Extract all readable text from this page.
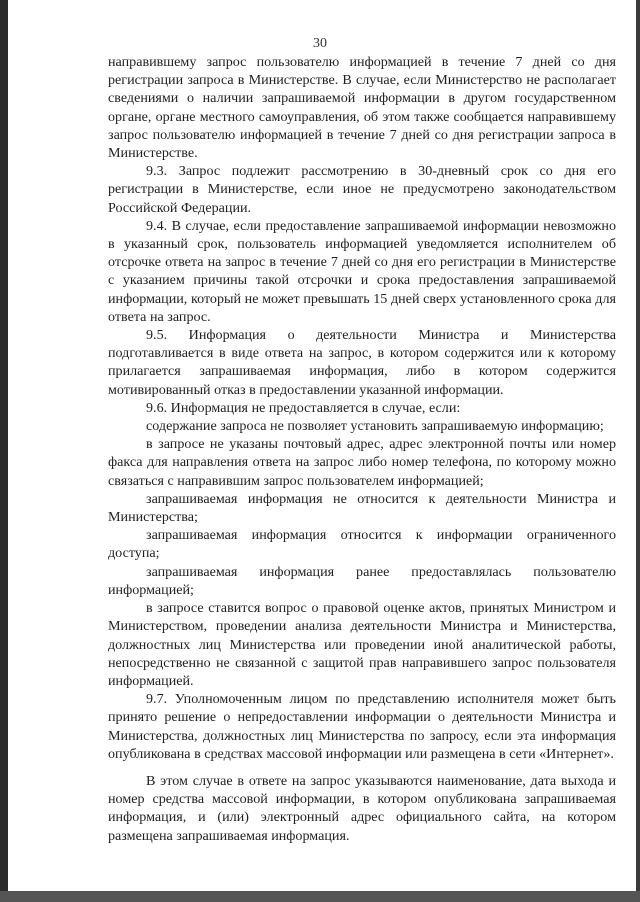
30

направившему запрос пользователю информацией в течение 7 дней со дня регистрации запроса в Министерстве. В случае, если Министерство не располагает сведениями о наличии запрашиваемой информации в другом государственном органе, органе местного самоуправления, об этом также сообщается направившему запрос пользователю информацией в течение 7 дней со дня регистрации запроса в Министерстве.

9.3. Запрос подлежит рассмотрению в 30-дневный срок со дня его регистрации в Министерстве, если иное не предусмотрено законодательством Российской Федерации.

9.4. В случае, если предоставление запрашиваемой информации невозможно в указанный срок, пользователь информацией уведомляется исполнителем об отсрочке ответа на запрос в течение 7 дней со дня его регистрации в Министерстве с указанием причины такой отсрочки и срока предоставления запрашиваемой информации, который не может превышать 15 дней сверх установленного срока для ответа на запрос.

9.5. Информация о деятельности Министра и Министерства подготавливается в виде ответа на запрос, в котором содержится или к которому прилагается запрашиваемая информация, либо в котором содержится мотивированный отказ в предоставлении указанной информации.

9.6. Информация не предоставляется в случае, если:

содержание запроса не позволяет установить запрашиваемую информацию;

в запросе не указаны почтовый адрес, адрес электронной почты или номер факса для направления ответа на запрос либо номер телефона, по которому можно связаться с направившим запрос пользователем информацией;

запрашиваемая информация не относится к деятельности Министра и Министерства;

запрашиваемая информация относится к информации ограниченного доступа;

запрашиваемая информация ранее предоставлялась пользователю информацией;

в запросе ставится вопрос о правовой оценке актов, принятых Министром и Министерством, проведении анализа деятельности Министра и Министерства, должностных лиц Министерства или проведении иной аналитической работы, непосредственно не связанной с защитой прав направившего запрос пользователя информацией.

9.7. Уполномоченным лицом по представлению исполнителя может быть принято решение о непредоставлении информации о деятельности Министра и Министерства, должностных лиц Министерства по запросу, если эта информация опубликована в средствах массовой информации или размещена в сети «Интернет».

В этом случае в ответе на запрос указываются наименование, дата выхода и номер средства массовой информации, в котором опубликована запрашиваемая информация, и (или) электронный адрес официального сайта, на котором размещена запрашиваемая информация.
